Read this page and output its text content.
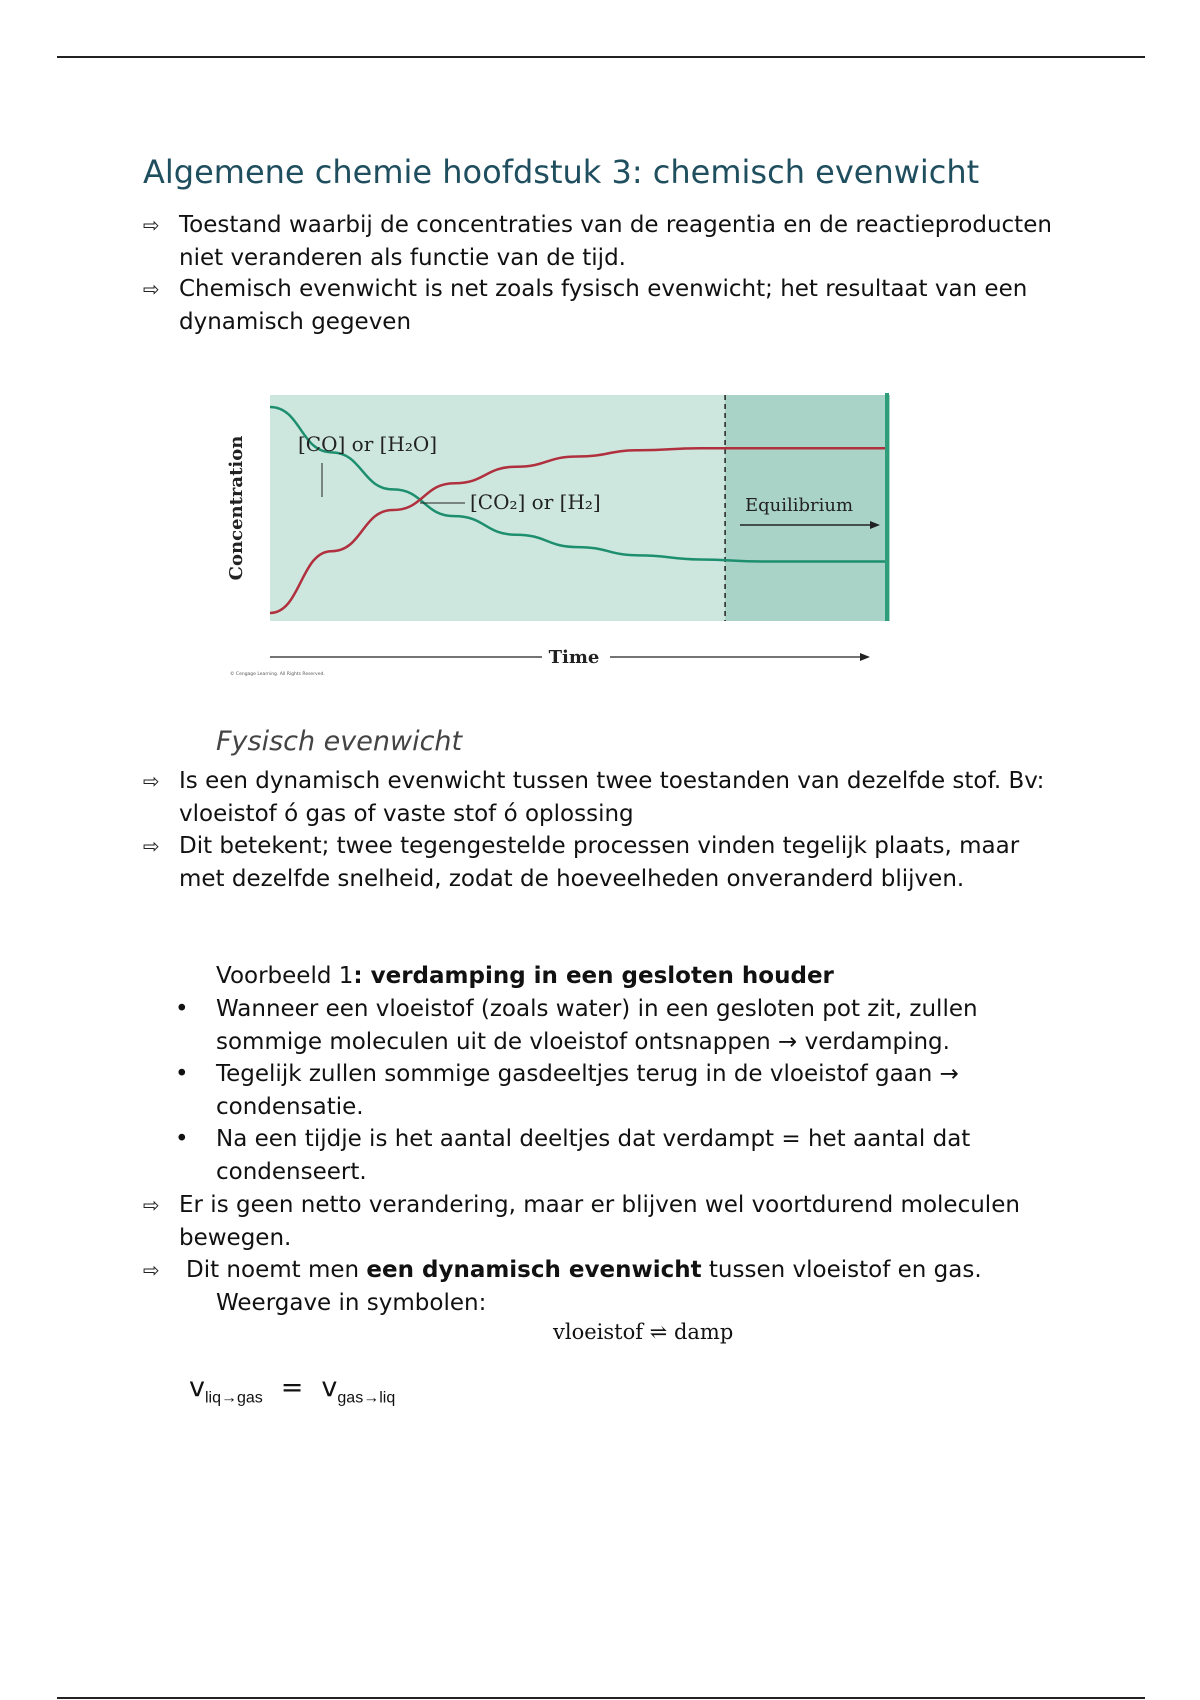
Algemene chemie hoofdstuk 3: chemisch evenwicht
⇨ Toestand waarbij de concentraties van de reagentia en de reactieproducten niet veranderen als functie van de tijd.
⇨ Chemisch evenwicht is net zoals fysisch evenwicht; het resultaat van een dynamisch gegeven
[CO] or [H₂O]
[CO₂] or [H₂]	Equilibrium
Concentration
Time
© Cengage Learning. All Rights Reserved.
Fysisch evenwicht
⇨ Is een dynamisch evenwicht tussen twee toestanden van dezelfde stof. Bv: vloeistof ó gas of vaste stof ó oplossing
⇨ Dit betekent; twee tegengestelde processen vinden tegelijk plaats, maar met dezelfde snelheid, zodat de hoeveelheden onveranderd blijven.

Voorbeeld 1: verdamping in een gesloten houder

• Wanneer een vloeistof (zoals water) in een gesloten pot zit, zullen sommige moleculen uit de vloeistof ontsnappen → verdamping.
• Tegelijk zullen sommige gasdeeltjes terug in de vloeistof gaan → condensatie.
• Na een tijdje is het aantal deeltjes dat verdampt = het aantal dat condenseert.
⇨ Er is geen netto verandering, maar er blijven wel voortdurend moleculen bewegen.
⇨	Dit noemt men een dynamisch evenwicht tussen vloeistof en gas.

Weergave in symbolen:

vloeistof ⇌ damp
$v_{liq\to gas} = v_{gas\to liq}$
